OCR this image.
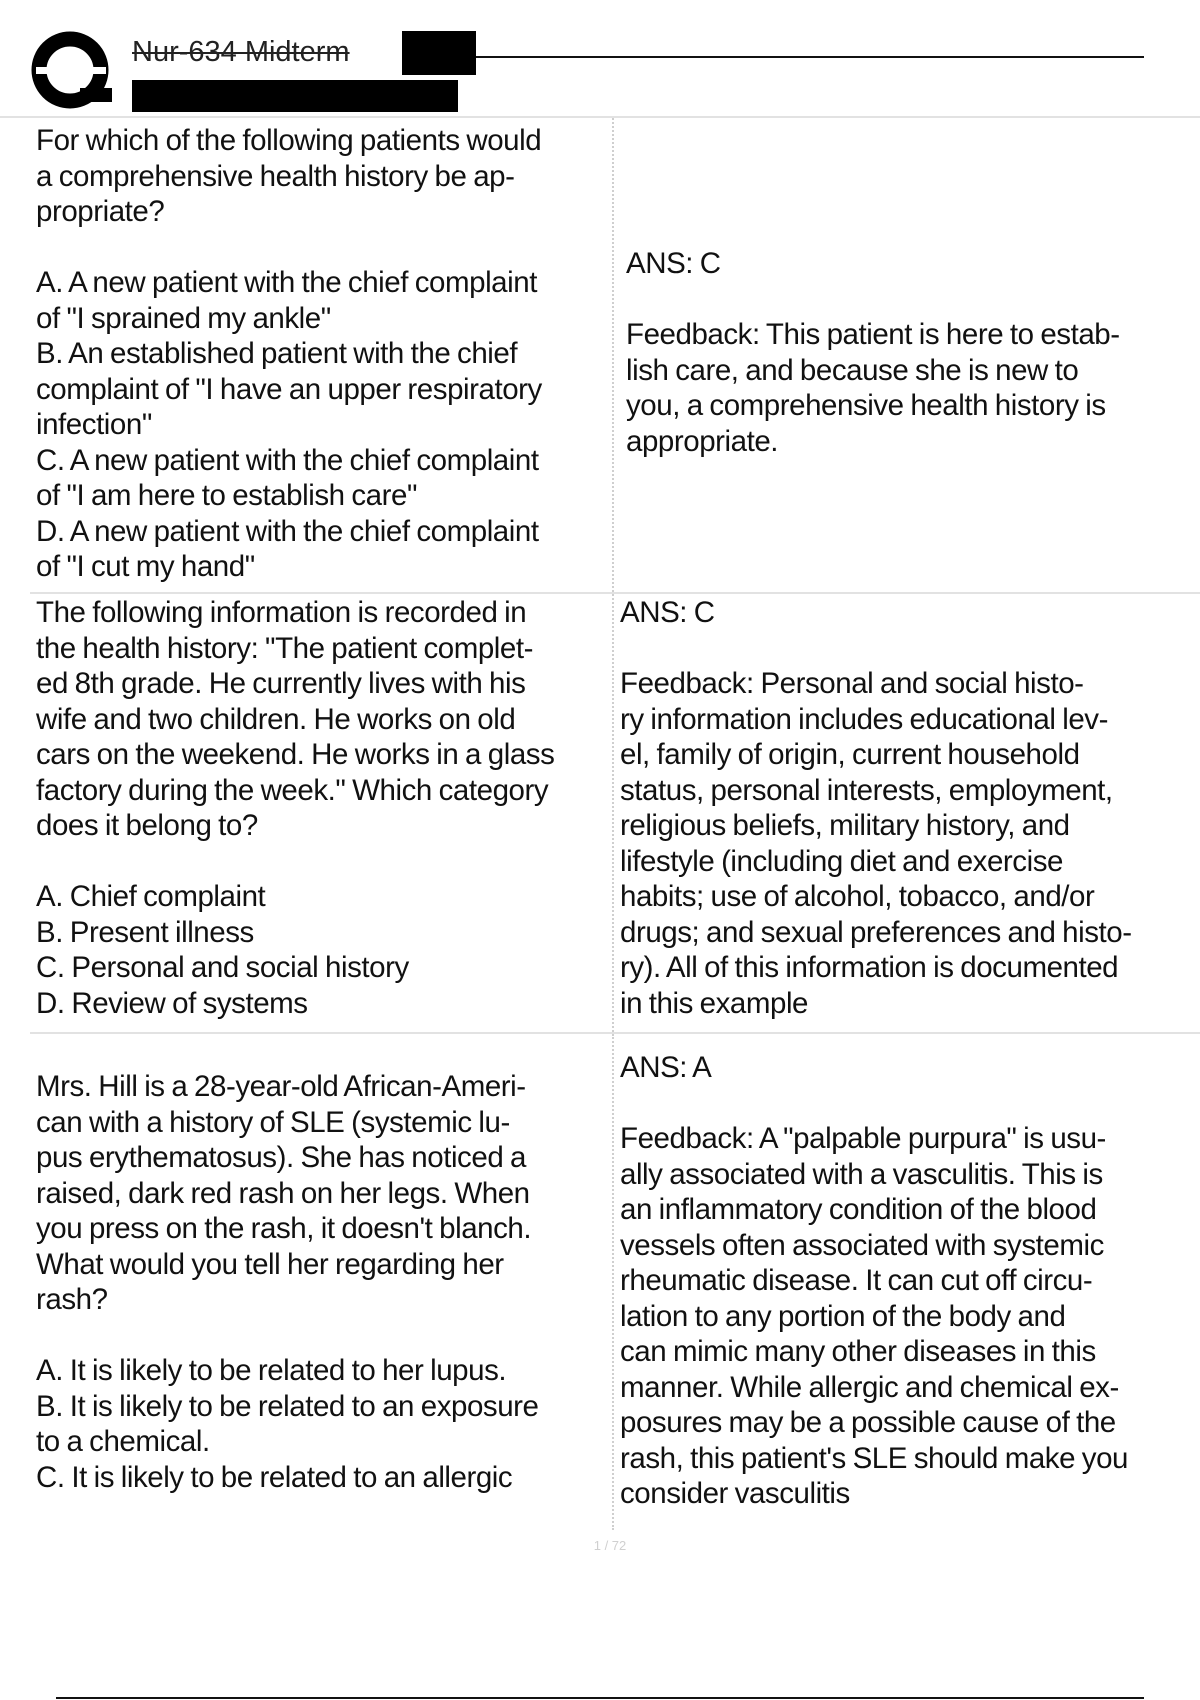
Nur-634 Midterm
For which of the following patients would
a comprehensive health history be ap-
propriate?
A. A new patient with the chief complaint
of "I sprained my ankle"
B. An established patient with the chief
complaint of "I have an upper respiratory
infection"
C. A new patient with the chief complaint
of "I am here to establish care"
D. A new patient with the chief complaint
of "I cut my hand"
ANS: C
Feedback: This patient is here to estab-
lish care, and because she is new to
you, a comprehensive health history is
appropriate.
The following information is recorded in
the health history: "The patient complet-
ed 8th grade. He currently lives with his
wife and two children. He works on old
cars on the weekend. He works in a glass
factory during the week." Which category
does it belong to?
A. Chief complaint
B. Present illness
C. Personal and social history
D. Review of systems
ANS: C
Feedback: Personal and social histo-
ry information includes educational lev-
el, family of origin, current household
status, personal interests, employment,
religious beliefs, military history, and
lifestyle (including diet and exercise
habits; use of alcohol, tobacco, and/or
drugs; and sexual preferences and histo-
ry). All of this information is documented
in this example
Mrs. Hill is a 28-year-old African-Ameri-
can with a history of SLE (systemic lu-
pus erythematosus). She has noticed a
raised, dark red rash on her legs. When
you press on the rash, it doesn't blanch.
What would you tell her regarding her
rash?
A. It is likely to be related to her lupus.
B. It is likely to be related to an exposure
to a chemical.
C. It is likely to be related to an allergic
ANS: A
Feedback: A "palpable purpura" is usu-
ally associated with a vasculitis. This is
an inflammatory condition of the blood
vessels often associated with systemic
rheumatic disease. It can cut off circu-
lation to any portion of the body and
can mimic many other diseases in this
manner. While allergic and chemical ex-
posures may be a possible cause of the
rash, this patient's SLE should make you
consider vasculitis
1 / 72
